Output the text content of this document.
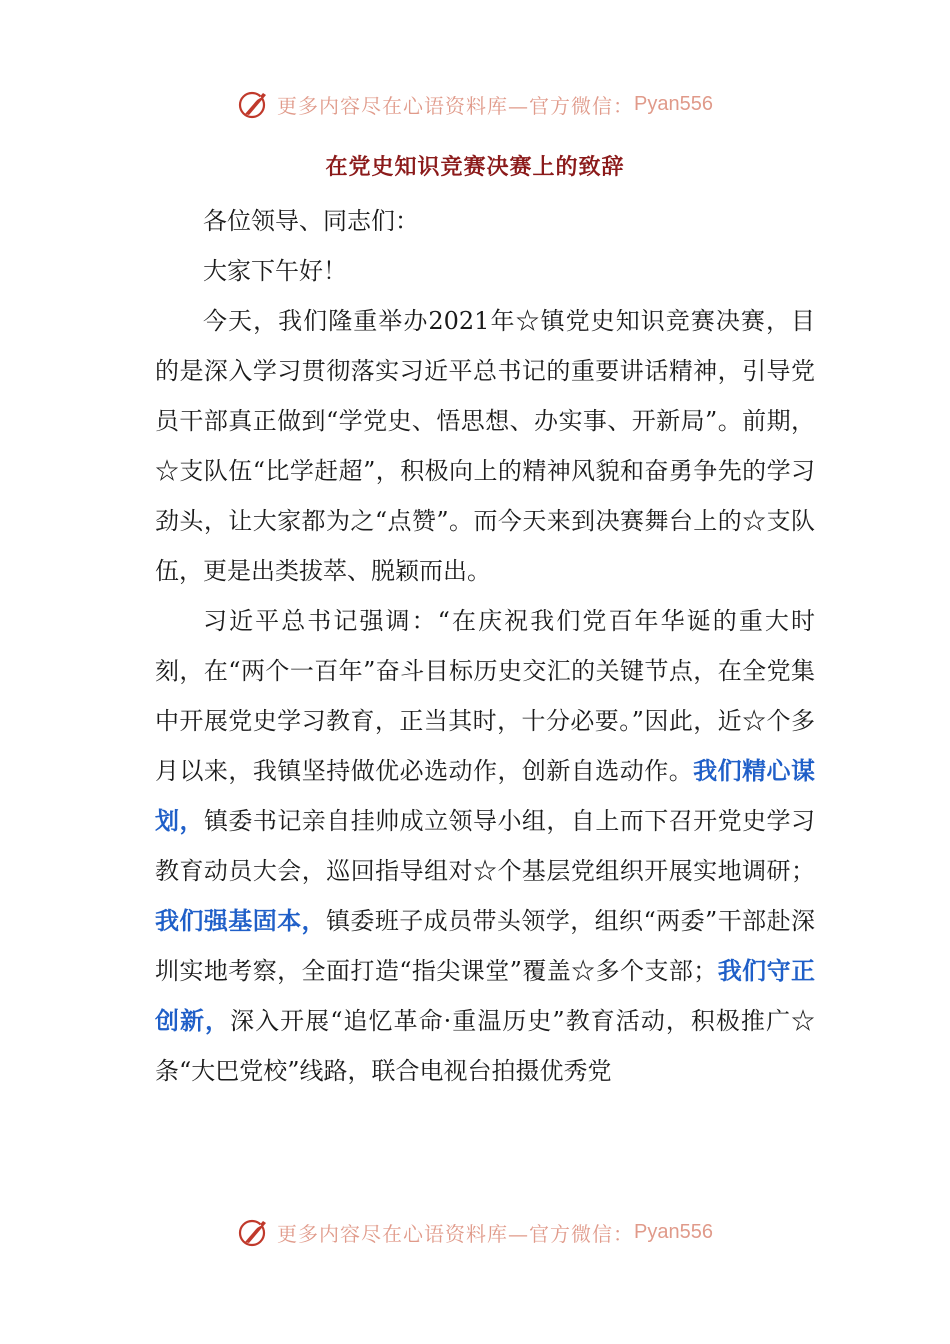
更多内容尽在心语资料库—官方微信： Pyan556
在党史知识竞赛决赛上的致辞

各位领导、同志们：

大家下午好！

今天，我们隆重举办2021年☆镇党史知识竞赛决赛，目的是深入学习贯彻落实习近平总书记的重要讲话精神，引导党员干部真正做到“学党史、悟思想、办实事、开新局”。前期，☆支队伍“比学赶超”，积极向上的精神风貌和奋勇争先的学习劲头，让大家都为之“点赞”。而今天来到决赛舞台上的☆支队伍，更是出类拔萃、脱颖而出。

习近平总书记强调：“在庆祝我们党百年华诞的重大时刻，在“两个一百年”奋斗目标历史交汇的关键节点，在全党集中开展党史学习教育，正当其时，十分必要。”因此，近☆个多月以来，我镇坚持做优必选动作，创新自选动作。我们精心谋划，镇委书记亲自挂帅成立领导小组，自上而下召开党史学习教育动员大会，巡回指导组对☆个基层党组织开展实地调研；我们强基固本，镇委班子成员带头领学，组织“两委”干部赴深圳实地考察，全面打造“指尖课堂”覆盖☆多个支部；我们守正创新，深入开展“追忆革命·重温历史”教育活动，积极推广☆条“大巴党校”线路，联合电视台拍摄优秀党

更多内容尽在心语资料库—官方微信： Pyan556
